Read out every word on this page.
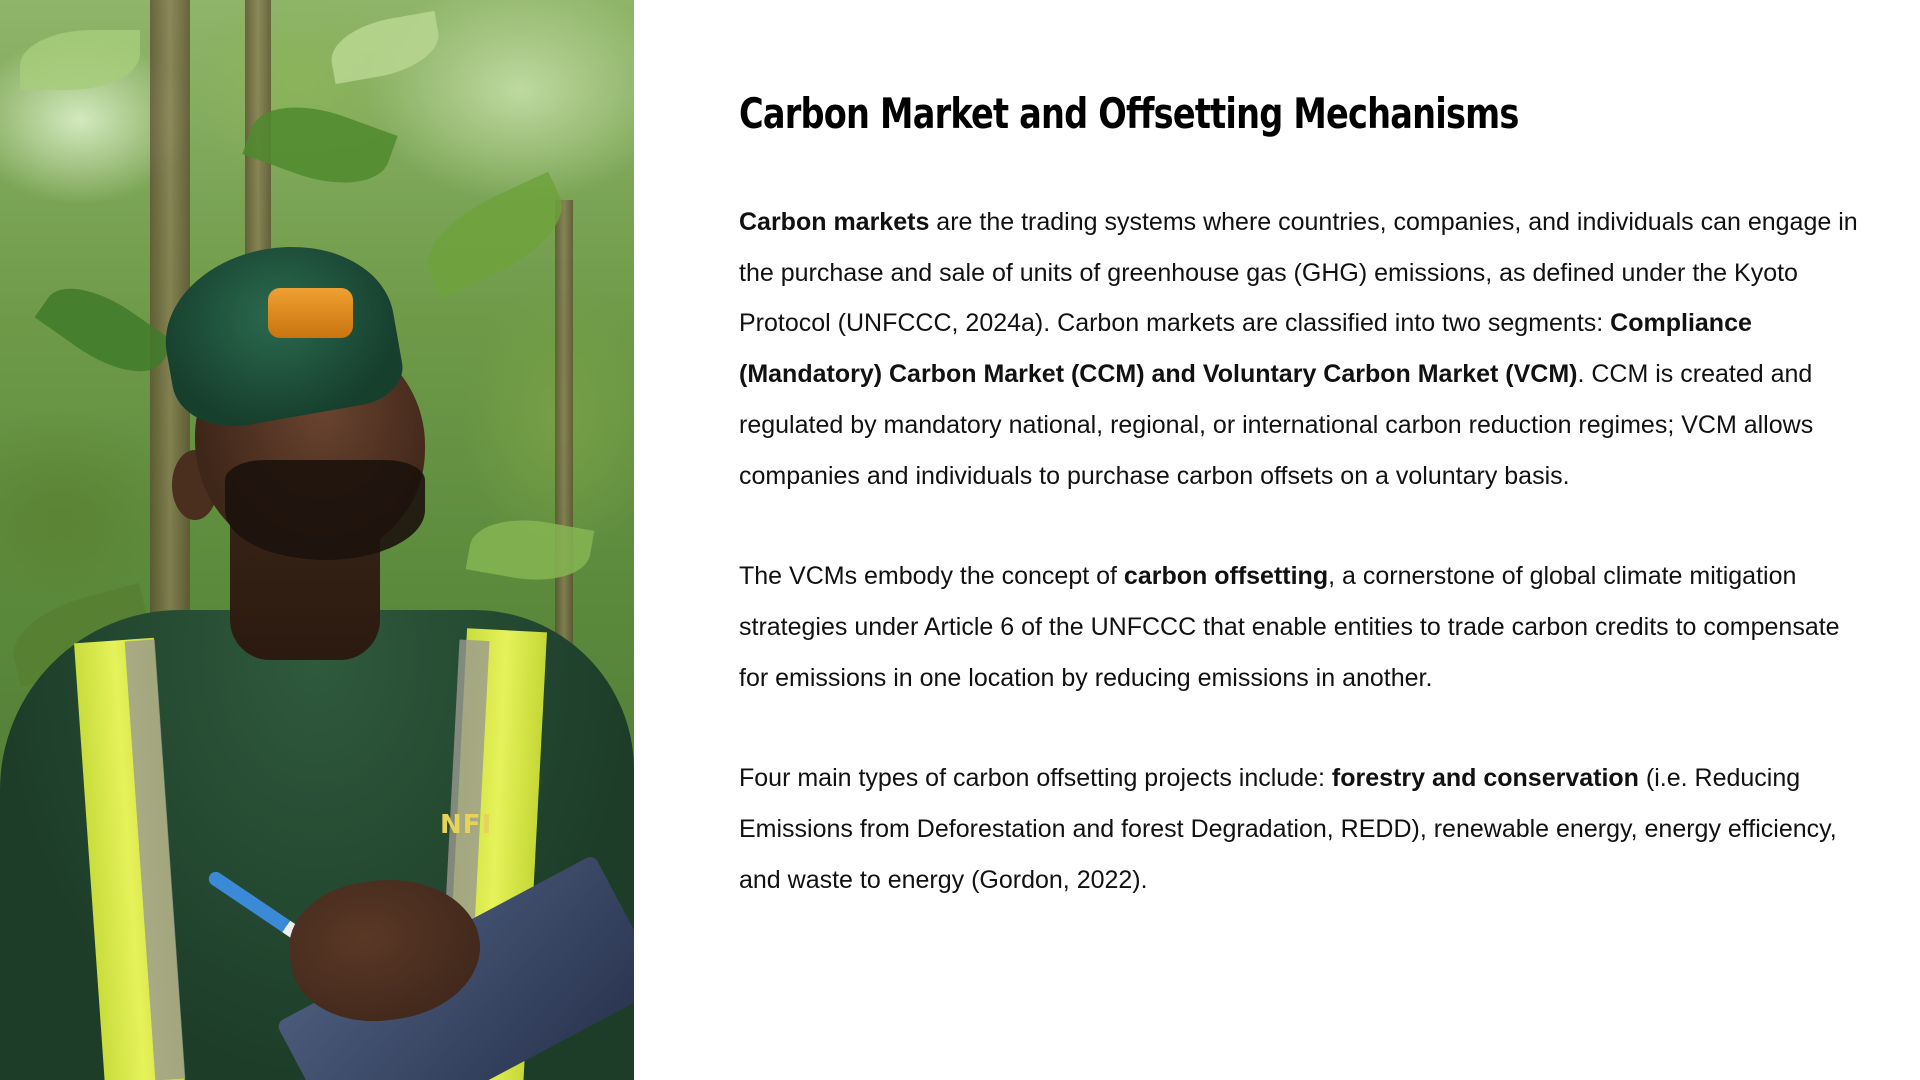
NFI
Carbon Market and Offsetting Mechanisms

Carbon markets are the trading systems where countries, companies, and individuals can engage in the purchase and sale of units of greenhouse gas (GHG) emissions, as defined under the Kyoto Protocol (UNFCCC, 2024a). Carbon markets are classified into two segments: Compliance (Mandatory) Carbon Market (CCM) and Voluntary Carbon Market (VCM). CCM is created and regulated by mandatory national, regional, or international carbon reduction regimes; VCM allows companies and individuals to purchase carbon offsets on a voluntary basis.

The VCMs embody the concept of carbon offsetting, a cornerstone of global climate mitigation strategies under Article 6 of the UNFCCC that enable entities to trade carbon credits to compensate for emissions in one location by reducing emissions in another.

Four main types of carbon offsetting projects include: forestry and conservation (i.e. Reducing Emissions from Deforestation and forest Degradation, REDD), renewable energy, energy efficiency, and waste to energy (Gordon, 2022).
